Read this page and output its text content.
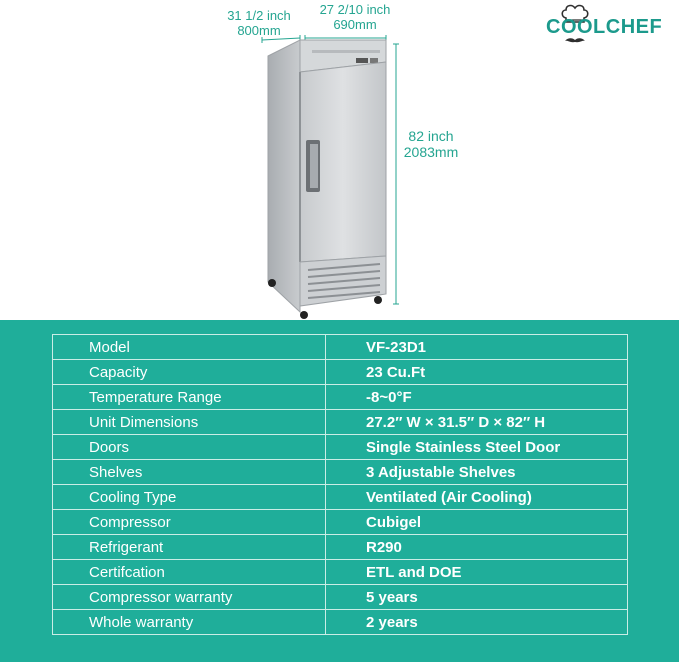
31 1/2 inch
800mm
27 2/10 inch
690mm
82 inch
2083mm
COOLCHEF
Model	VF-23D1
Capacity	23 Cu.Ft
Temperature Range	-8~0°F
Unit Dimensions	27.2″ W × 31.5″ D × 82″ H
Doors	Single Stainless Steel Door
Shelves	3 Adjustable Shelves
Cooling Type	Ventilated (Air Cooling)
Compressor	Cubigel
Refrigerant	R290
Certifcation	ETL and DOE
Compressor warranty	5 years
Whole warranty	2 years
